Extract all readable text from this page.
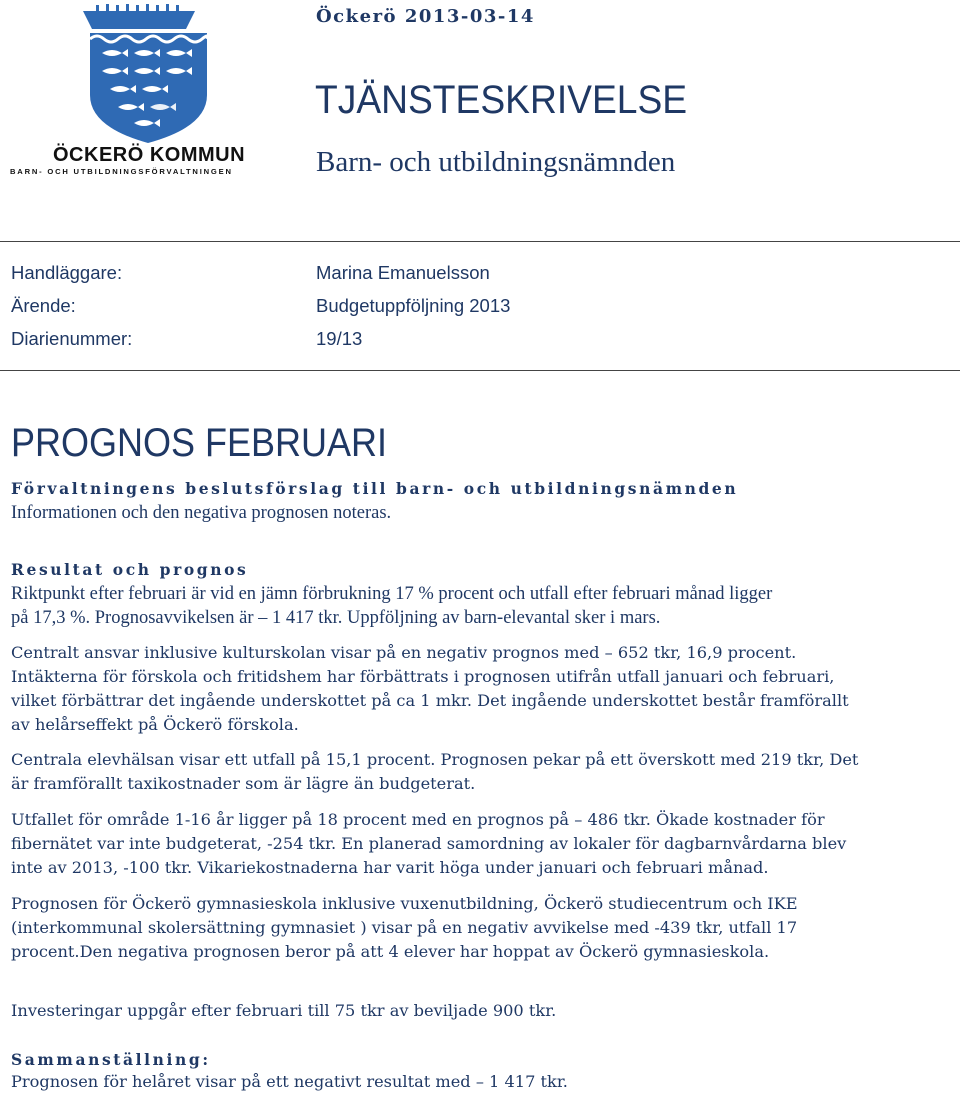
ÖCKERÖ KOMMUN
BARN- OCH UTBILDNINGSFÖRVALTNINGEN
Öckerö 2013-03-14
TJÄNSTESKRIVELSE
Barn- och utbildningsnämnden
Handläggare:	Marina Emanuelsson
Ärende:	Budgetuppföljning 2013
Diarienummer:	19/13
PROGNOS FEBRUARI
Förvaltningens beslutsförslag till barn- och utbildningsnämnden
Informationen och den negativa prognosen noteras.
Resultat och prognos
Riktpunkt efter februari är vid en jämn förbrukning 17 % procent och utfall efter februari månad ligger
på 17,3 %. Prognosavvikelsen är – 1 417 tkr. Uppföljning av barn-elevantal sker i mars.
Centralt ansvar inklusive kulturskolan visar på en negativ prognos med – 652 tkr, 16,9 procent.
Intäkterna för förskola och fritidshem har förbättrats i prognosen utifrån utfall januari och februari,
vilket förbättrar det ingående underskottet på ca 1 mkr. Det ingående underskottet består framförallt
av helårseffekt på Öckerö förskola.
Centrala elevhälsan visar ett utfall på 15,1 procent. Prognosen pekar på ett överskott med 219 tkr, Det
är framförallt taxikostnader som är lägre än budgeterat.
Utfallet för område 1-16 år ligger på 18 procent med en prognos på – 486 tkr. Ökade kostnader för
fibernätet var inte budgeterat, -254 tkr. En planerad samordning av lokaler för dagbarnvårdarna blev
inte av 2013, -100 tkr. Vikariekostnaderna har varit höga under januari och februari månad.
Prognosen för Öckerö gymnasieskola inklusive vuxenutbildning, Öckerö studiecentrum och IKE
(interkommunal skolersättning gymnasiet ) visar på en negativ avvikelse med -439 tkr, utfall 17
procent.Den negativa prognosen beror på att 4 elever har hoppat av Öckerö gymnasieskola.
Investeringar uppgår efter februari till 75 tkr av beviljade 900 tkr.
Sammanställning:
Prognosen för helåret visar på ett negativt resultat med – 1 417 tkr.
